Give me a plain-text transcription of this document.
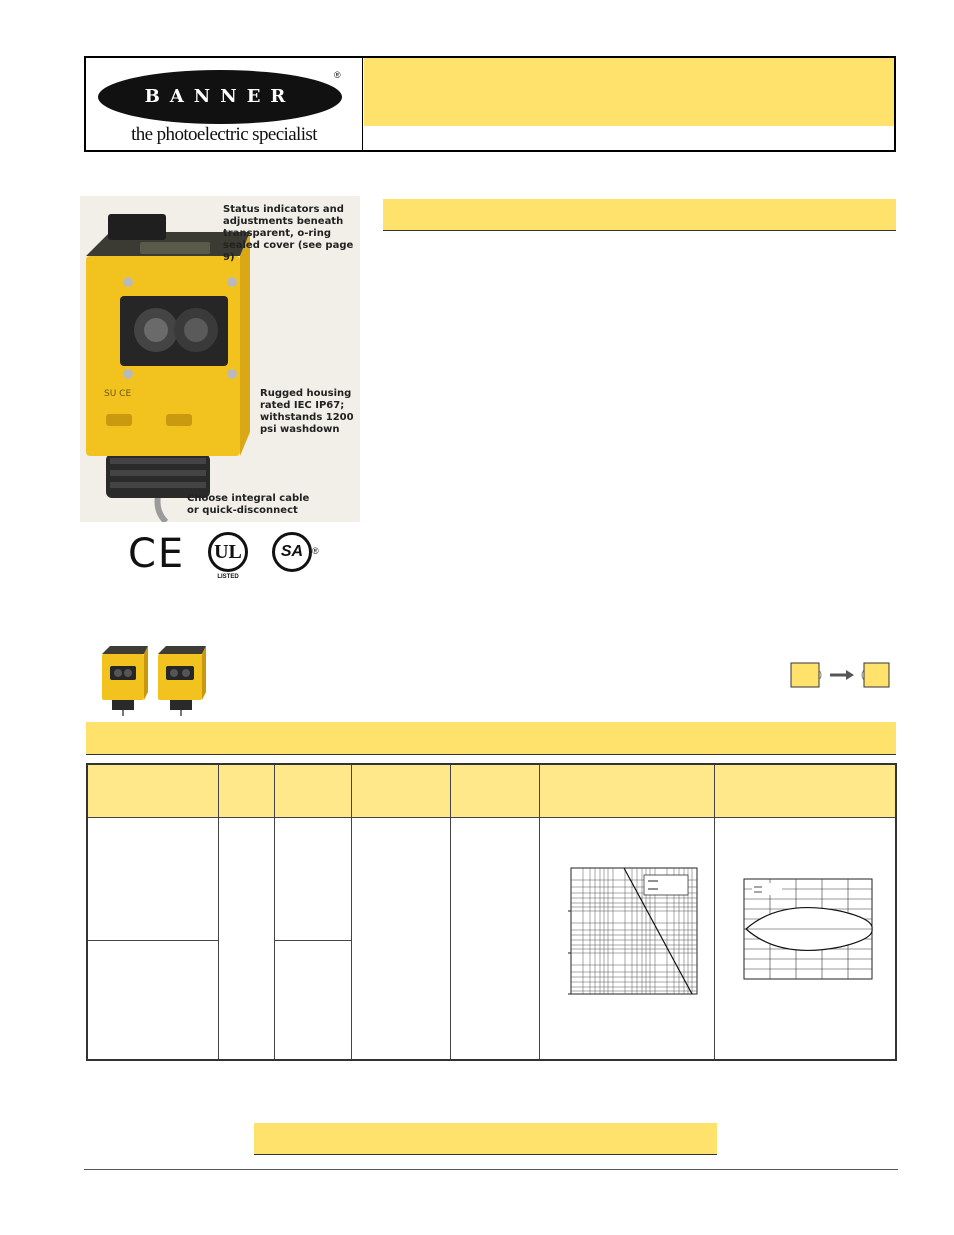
BANNER
®
the photoelectric specialist
SU CE
Status indicators and adjustments beneath transparent, o-ring sealed cover (see page 9)
Rugged housing rated IEC IP67; withstands 1200 psi washdown
Choose integral cable or quick-disconnect
CE	UL
LISTED
SA ®
